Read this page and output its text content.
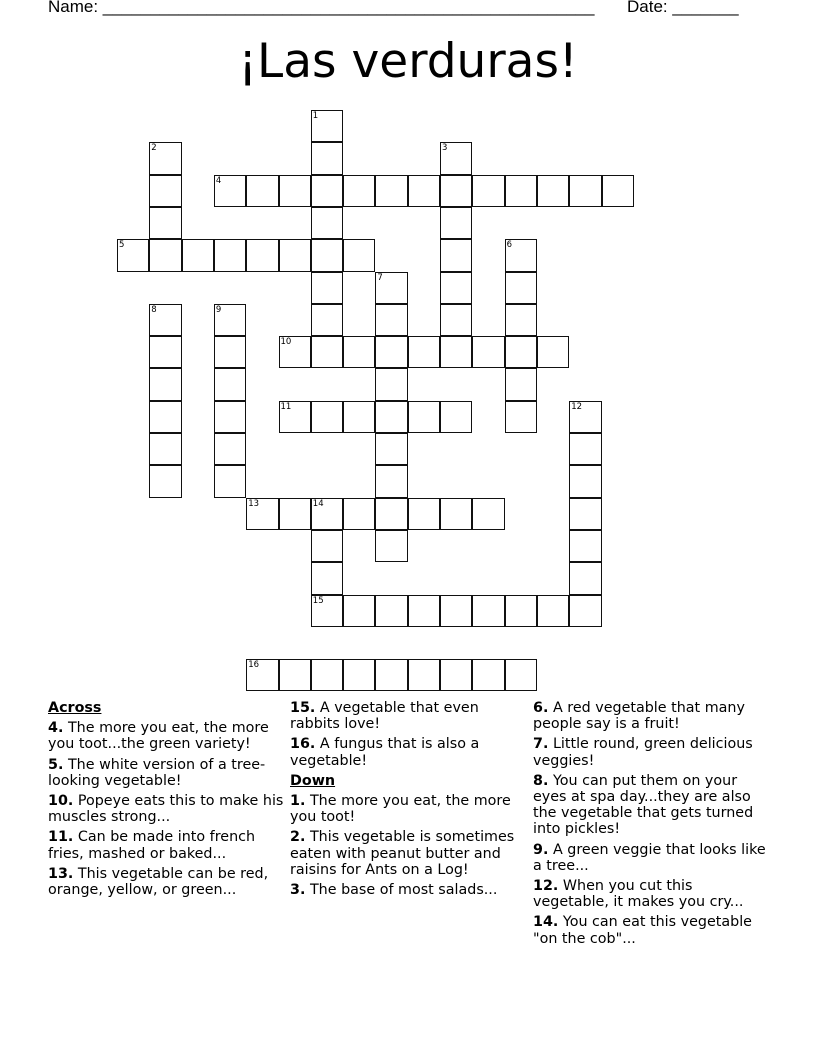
Name: ____________________________________________________ Date: _______
¡Las verduras!
1
2	3
4
5	6
7
8	9
10
11	12
13	14
15
16
Across
4. The more you eat, the more you toot...the green variety!
5. The white version of a tree-looking vegetable!
10. Popeye eats this to make his muscles strong...
11. Can be made into french fries, mashed or baked...
13. This vegetable can be red, orange, yellow, or green...
15. A vegetable that even rabbits love!
16. A fungus that is also a vegetable!
Down
1. The more you eat, the more you toot!
2. This vegetable is sometimes eaten with peanut butter and raisins for Ants on a Log!
3. The base of most salads...
6. A red vegetable that many people say is a fruit!
7. Little round, green delicious veggies!
8. You can put them on your eyes at spa day...they are also the vegetable that gets turned into pickles!
9. A green veggie that looks like a tree...
12. When you cut this vegetable, it makes you cry...
14. You can eat this vegetable "on the cob"...
